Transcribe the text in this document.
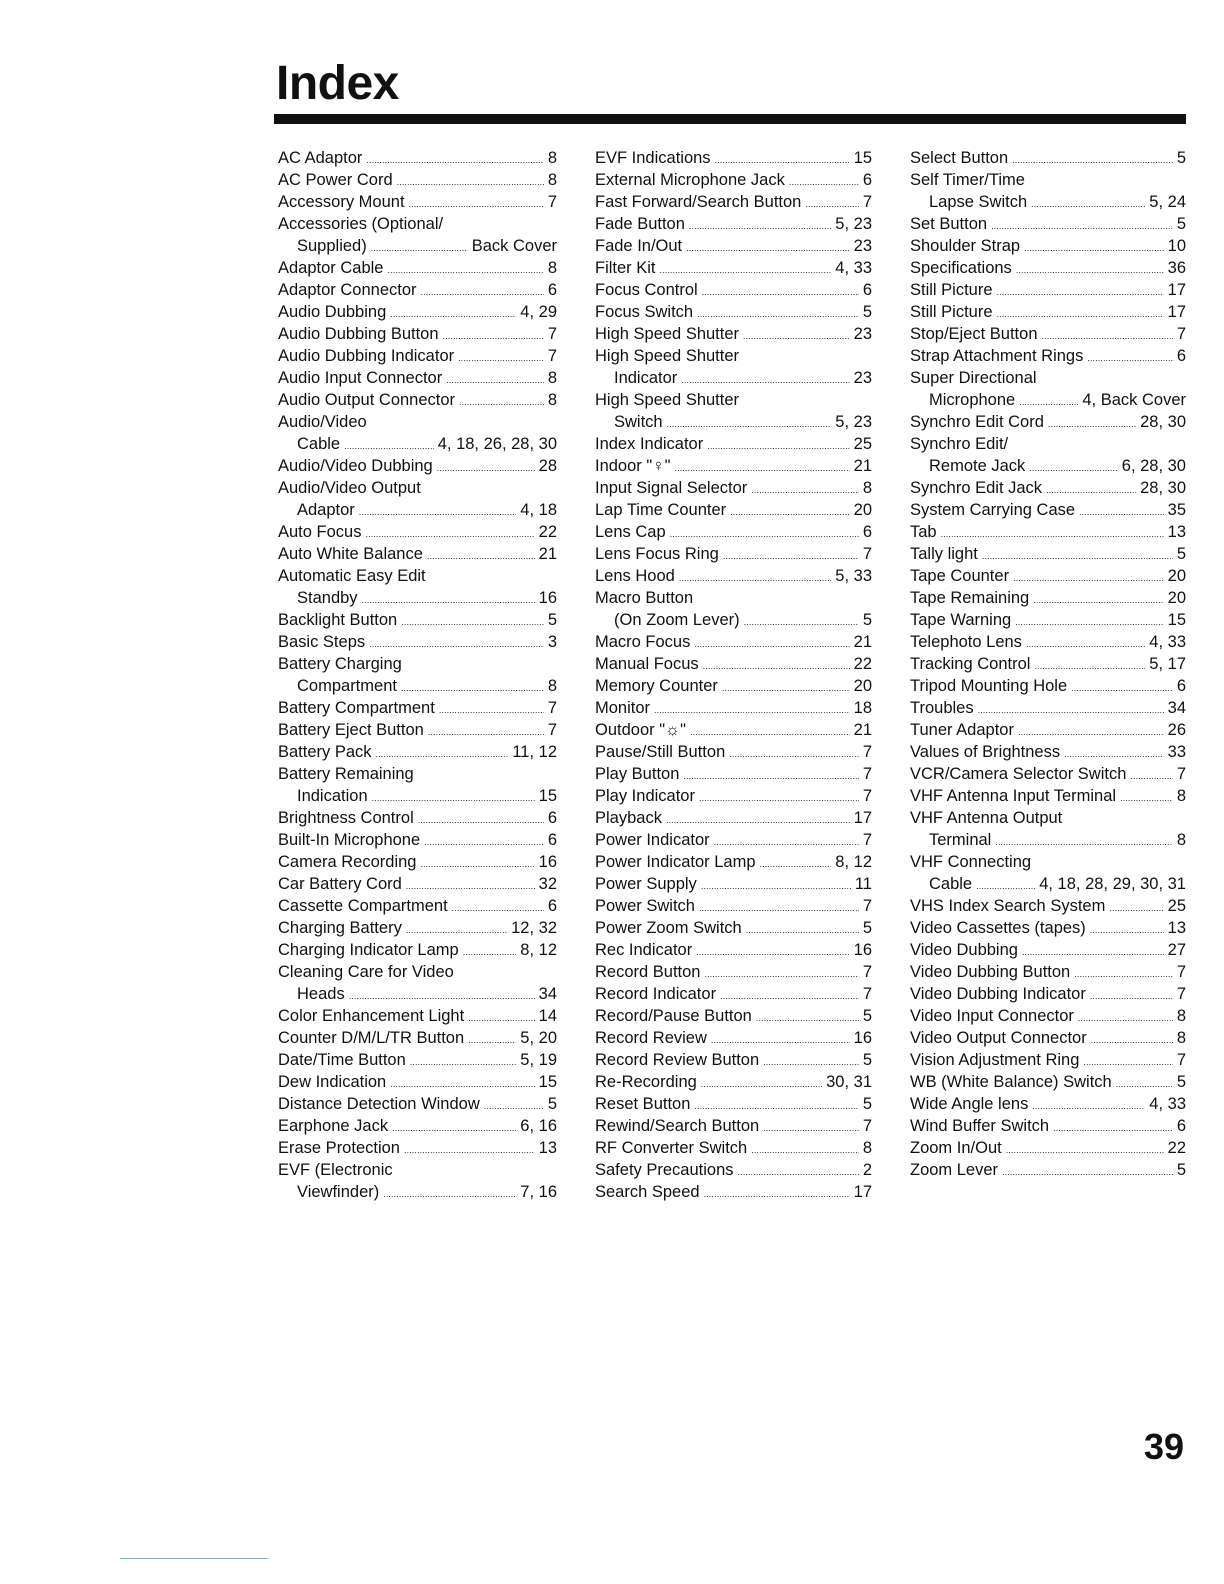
Index
AC Adaptor . . .	8
AC Power Cord . . .	8
Accessory Mount . . .	7
Accessories (Optional/
Supplied) . . .	Back Cover
Adaptor Cable . . .	8
Adaptor Connector . . .	6
Audio Dubbing . . .	4, 29
Audio Dubbing Button . . .	7
Audio Dubbing Indicator . . .	7
Audio Input Connector . . .	8
Audio Output Connector . . .	8
Audio/Video
Cable . . .	4, 18, 26, 28, 30
Audio/Video Dubbing . . .	28
Audio/Video Output
Adaptor . . .	4, 18
Auto Focus . . .	22
Auto White Balance . . .	21
Automatic Easy Edit
Standby . . .	16
Backlight Button . . .	5
Basic Steps . . .	3
Battery Charging
Compartment . . .	8
Battery Compartment . . .	7
Battery Eject Button . . .	7
Battery Pack . . .	11, 12
Battery Remaining
Indication . . .	15
Brightness Control . . .	6
Built-In Microphone . . .	6
Camera Recording . . .	16
Car Battery Cord . . .	32
Cassette Compartment . . .	6
Charging Battery . . .	12, 32
Charging Indicator Lamp . . .	8, 12
Cleaning Care for Video
Heads . . .	34
Color Enhancement Light . . .	14
Counter D/M/L/TR Button . . .	5, 20
Date/Time Button . . .	5, 19
Dew Indication . . .	15
Distance Detection Window . . .	5
Earphone Jack . . .	6, 16
Erase Protection . . .	13
EVF (Electronic
Viewfinder) . . .	7, 16
EVF Indications . . .	15
External Microphone Jack . . .	6
Fast Forward/Search Button . . .	7
Fade Button . . .	5, 23
Fade In/Out . . .	23
Filter Kit . . .	4, 33
Focus Control . . .	6
Focus Switch . . .	5
High Speed Shutter . . .	23
High Speed Shutter
Indicator . . .	23
High Speed Shutter
Switch . . .	5, 23
Index Indicator . . .	25
Indoor "♀" . . .	21
Input Signal Selector . . .	8
Lap Time Counter . . .	20
Lens Cap . . .	6
Lens Focus Ring . . .	7
Lens Hood . . .	5, 33
Macro Button
(On Zoom Lever) . . .	5
Macro Focus . . .	21
Manual Focus . . .	22
Memory Counter . . .	20
Monitor . . .	18
Outdoor "☼" . . .	21
Pause/Still Button . . .	7
Play Button . . .	7
Play Indicator . . .	7
Playback . . .	17
Power Indicator . . .	7
Power Indicator Lamp . . .	8, 12
Power Supply . . .	11
Power Switch . . .	7
Power Zoom Switch . . .	5
Rec Indicator . . .	16
Record Button . . .	7
Record Indicator . . .	7
Record/Pause Button . . .	5
Record Review . . .	16
Record Review Button . . .	5
Re-Recording . . .	30, 31
Reset Button . . .	5
Rewind/Search Button . . .	7
RF Converter Switch . . .	8
Safety Precautions . . .	2
Search Speed . . .	17
Select Button . . .	5
Self Timer/Time
Lapse Switch . . .	5, 24
Set Button . . .	5
Shoulder Strap . . .	10
Specifications . . .	36
Still Picture . . .	17
Still Picture . . .	17
Stop/Eject Button . . .	7
Strap Attachment Rings . . .	6
Super Directional
Microphone . . .	4, Back Cover
Synchro Edit Cord . . .	28, 30
Synchro Edit/
Remote Jack . . .	6, 28, 30
Synchro Edit Jack . . .	28, 30
System Carrying Case . . .	35
Tab . . .	13
Tally light . . .	5
Tape Counter . . .	20
Tape Remaining . . .	20
Tape Warning . . .	15
Telephoto Lens . . .	4, 33
Tracking Control . . .	5, 17
Tripod Mounting Hole . . .	6
Troubles . . .	34
Tuner Adaptor . . .	26
Values of Brightness . . .	33
VCR/Camera Selector Switch . . .	7
VHF Antenna Input Terminal . . .	8
VHF Antenna Output
Terminal . . .	8
VHF Connecting
Cable . . .	4, 18, 28, 29, 30, 31
VHS Index Search System . . .	25
Video Cassettes (tapes) . . .	13
Video Dubbing . . .	27
Video Dubbing Button . . .	7
Video Dubbing Indicator . . .	7
Video Input Connector . . .	8
Video Output Connector . . .	8
Vision Adjustment Ring . . .	7
WB (White Balance) Switch . . .	5
Wide Angle lens . . .	4, 33
Wind Buffer Switch . . .	6
Zoom In/Out . . .	22
Zoom Lever . . .	5
39
